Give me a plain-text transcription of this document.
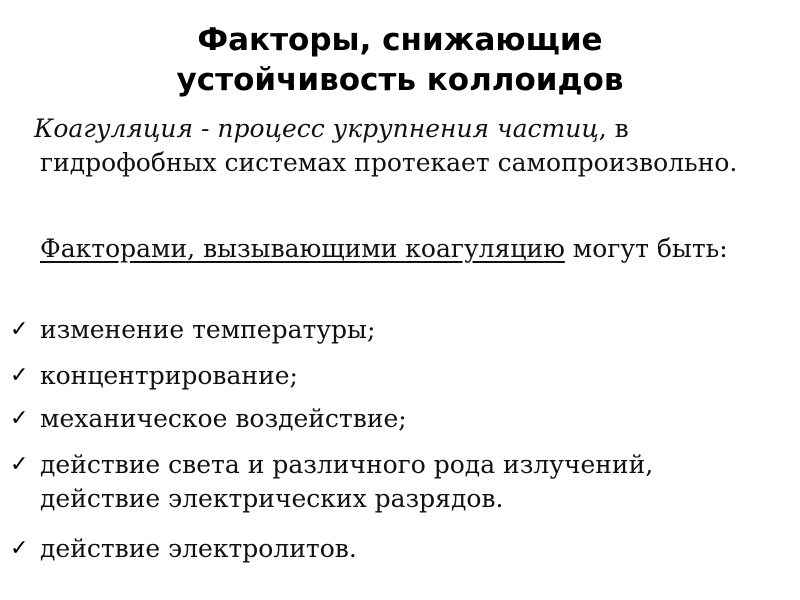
Факторы, снижающие
устойчивость коллоидов

Коагуляция - процесс укрупнения частиц, в гидрофобных системах протекает самопроизвольно.

Факторами, вызывающими коагуляцию могут быть:

✓ изменение температуры;
✓ концентрирование;
✓ механическое воздействие;
✓ действие света и различного рода излучений, действие электрических разрядов.
✓ действие электролитов.
